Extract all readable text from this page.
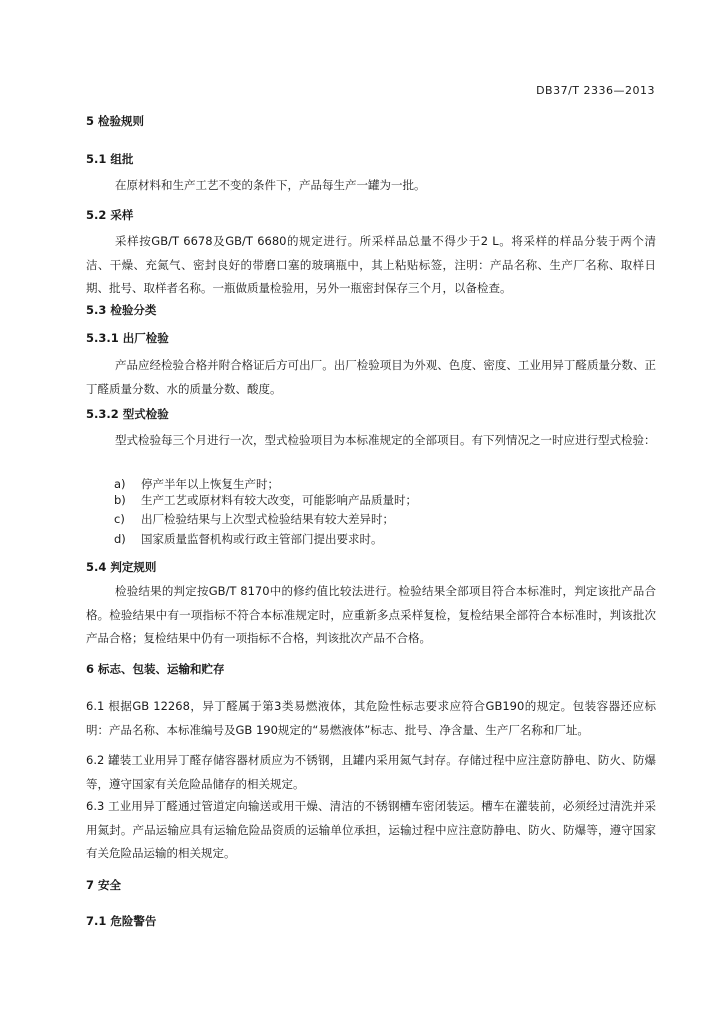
DB37/T 2336—2013
5 检验规则
5.1 组批
在原材料和生产工艺不变的条件下，产品每生产一罐为一批。
5.2 采样
采样按GB/T 6678及GB/T 6680的规定进行。所采样品总量不得少于2 L。将采样的样品分装于两个清洁、干燥、充氮气、密封良好的带磨口塞的玻璃瓶中，其上粘贴标签，注明：产品名称、生产厂名称、取样日期、批号、取样者名称。一瓶做质量检验用，另外一瓶密封保存三个月，以备检查。
5.3 检验分类
5.3.1 出厂检验
产品应经检验合格并附合格证后方可出厂。出厂检验项目为外观、色度、密度、工业用异丁醛质量分数、正丁醛质量分数、水的质量分数、酸度。
5.3.2 型式检验
型式检验每三个月进行一次，型式检验项目为本标准规定的全部项目。有下列情况之一时应进行型式检验：
a) 停产半年以上恢复生产时；
b) 生产工艺或原材料有较大改变，可能影响产品质量时；
c) 出厂检验结果与上次型式检验结果有较大差异时；
d) 国家质量监督机构或行政主管部门提出要求时。
5.4 判定规则
检验结果的判定按GB/T 8170中的修约值比较法进行。检验结果全部项目符合本标准时，判定该批产品合格。检验结果中有一项指标不符合本标准规定时，应重新多点采样复检，复检结果全部符合本标准时，判该批次产品合格；复检结果中仍有一项指标不合格，判该批次产品不合格。
6 标志、包装、运输和贮存
6.1 根据GB 12268，异丁醛属于第3类易燃液体，其危险性标志要求应符合GB190的规定。包装容器还应标明：产品名称、本标准编号及GB 190规定的“易燃液体”标志、批号、净含量、生产厂名称和厂址。
6.2 罐装工业用异丁醛存储容器材质应为不锈钢，且罐内采用氮气封存。存储过程中应注意防静电、防火、防爆等，遵守国家有关危险品储存的相关规定。
6.3 工业用异丁醛通过管道定向输送或用干燥、清洁的不锈钢槽车密闭装运。槽车在灌装前，必须经过清洗并采用氮封。产品运输应具有运输危险品资质的运输单位承担，运输过程中应注意防静电、防火、防爆等，遵守国家有关危险品运输的相关规定。
7 安全
7.1 危险警告
